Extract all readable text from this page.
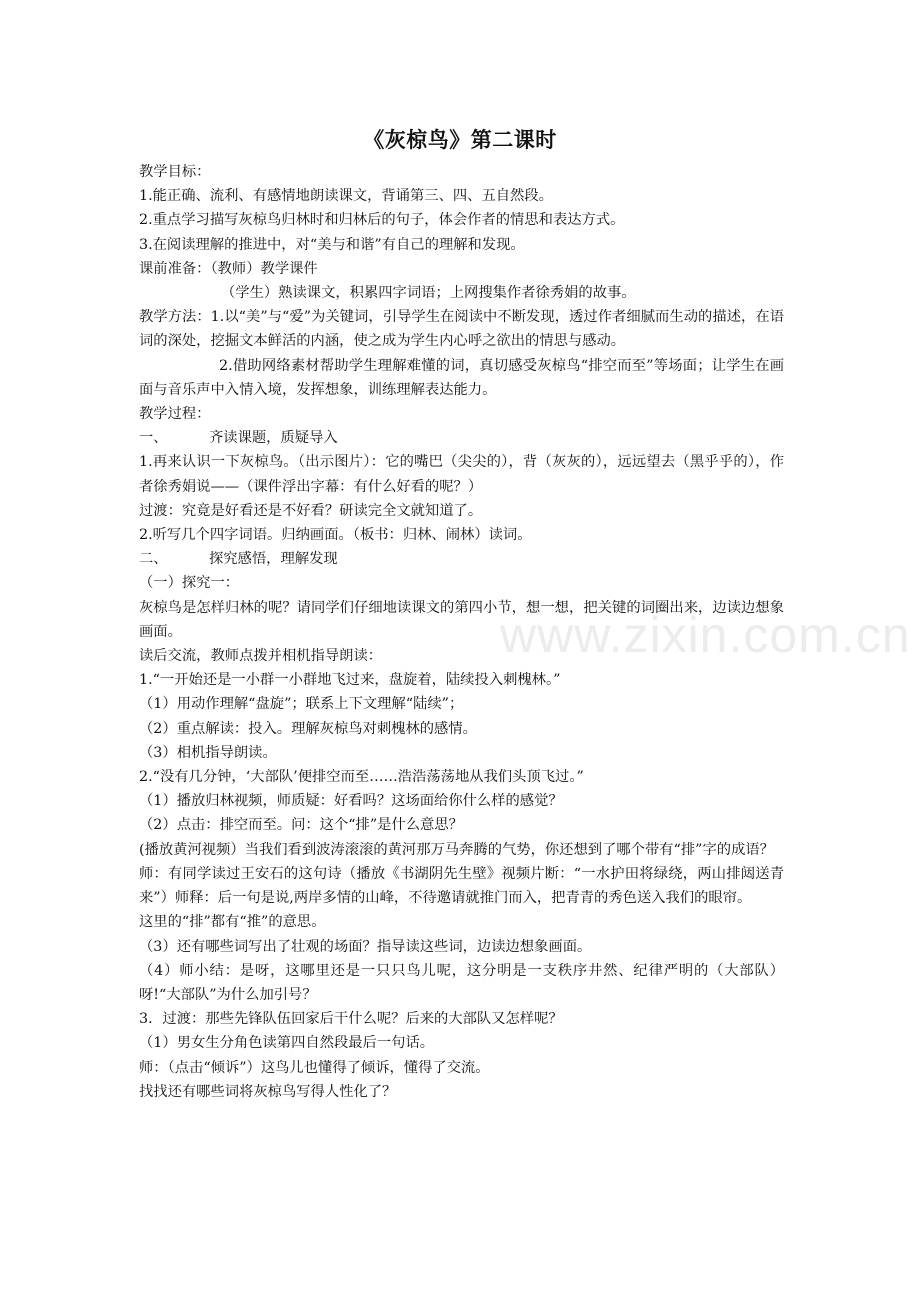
《灰椋鸟》第二课时

教学目标：

1.能正确、流利、有感情地朗读课文，背诵第三、四、五自然段。

2.重点学习描写灰椋鸟归林时和归林后的句子，体会作者的情思和表达方式。

3.在阅读理解的推进中，对“美与和谐”有自己的理解和发现。

课前准备：（教师）教学课件

（学生）熟读课文，积累四字词语；上网搜集作者徐秀娟的故事。

教学方法：1.以“美”与“爱”为关键词，引导学生在阅读中不断发现，透过作者细腻而生动的描述，在语词的深处，挖掘文本鲜活的内涵，使之成为学生内心呼之欲出的情思与感动。

2.借助网络素材帮助学生理解难懂的词，真切感受灰椋鸟“排空而至”等场面；让学生在画面与音乐声中入情入境，发挥想象，训练理解表达能力。

教学过程：

一、	齐读课题，质疑导入

1.再来认识一下灰椋鸟。（出示图片）：它的嘴巴（尖尖的），背（灰灰的），远远望去（黑乎乎的），作者徐秀娟说——（课件浮出字幕：有什么好看的呢？）

过渡：究竟是好看还是不好看？研读完全文就知道了。

2.听写几个四字词语。归纳画面。（板书：归林、闹林）读词。

二、	探究感悟，理解发现

（一）探究一：

灰椋鸟是怎样归林的呢？请同学们仔细地读课文的第四小节，想一想，把关键的词圈出来，边读边想象画面。

读后交流，教师点拨并相机指导朗读：

1.“一开始还是一小群一小群地飞过来，盘旋着，陆续投入刺槐林。”

（1）用动作理解“盘旋”；联系上下文理解“陆续”；

（2）重点解读：投入。理解灰椋鸟对刺槐林的感情。

（3）相机指导朗读。

2.“没有几分钟，‘大部队’便排空而至……浩浩荡荡地从我们头顶飞过。”

（1）播放归林视频，师质疑：好看吗？这场面给你什么样的感觉？

（2）点击：排空而至。问：这个“排”是什么意思？

(播放黄河视频）当我们看到波涛滚滚的黄河那万马奔腾的气势，你还想到了哪个带有“排”字的成语？

师：有同学读过王安石的这句诗（播放《书湖阴先生壁》视频片断：“一水护田将绿绕，两山排闼送青来”）师释：后一句是说,两岸多情的山峰，不待邀请就推门而入，把青青的秀色送入我们的眼帘。

这里的“排”都有“推”的意思。

（3）还有哪些词写出了壮观的场面？指导读这些词，边读边想象画面。

（4）师小结：是呀，这哪里还是一只只鸟儿呢，这分明是一支秩序井然、纪律严明的（大部队）呀!“大部队”为什么加引号？

3．过渡：那些先锋队伍回家后干什么呢？后来的大部队又怎样呢？

（1）男女生分角色读第四自然段最后一句话。

师：（点击“倾诉”）这鸟儿也懂得了倾诉，懂得了交流。

找找还有哪些词将灰椋鸟写得人性化了？

www.zixin.com.cn
